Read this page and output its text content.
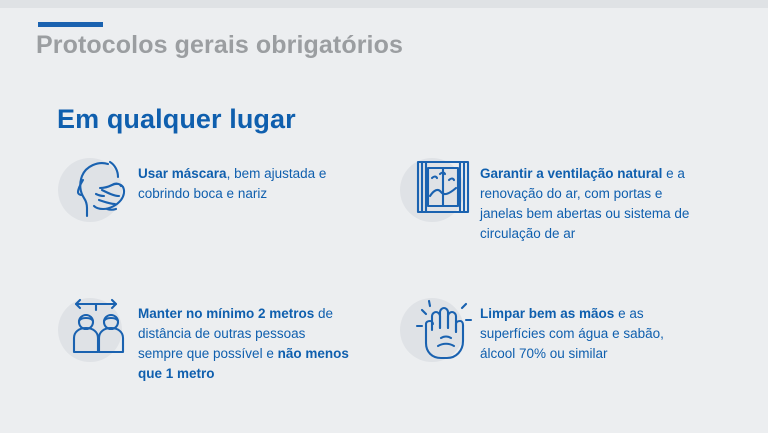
Protocolos gerais obrigatórios
Em qualquer lugar
Usar máscara, bem ajustada e cobrindo boca e nariz
Garantir a ventilação natural e a renovação do ar, com portas e janelas bem abertas ou sistema de circulação de ar
Manter no mínimo 2 metros de distância de outras pessoas sempre que possível e não menos que 1 metro
Limpar bem as mãos e as superfícies com água e sabão, álcool 70% ou similar
